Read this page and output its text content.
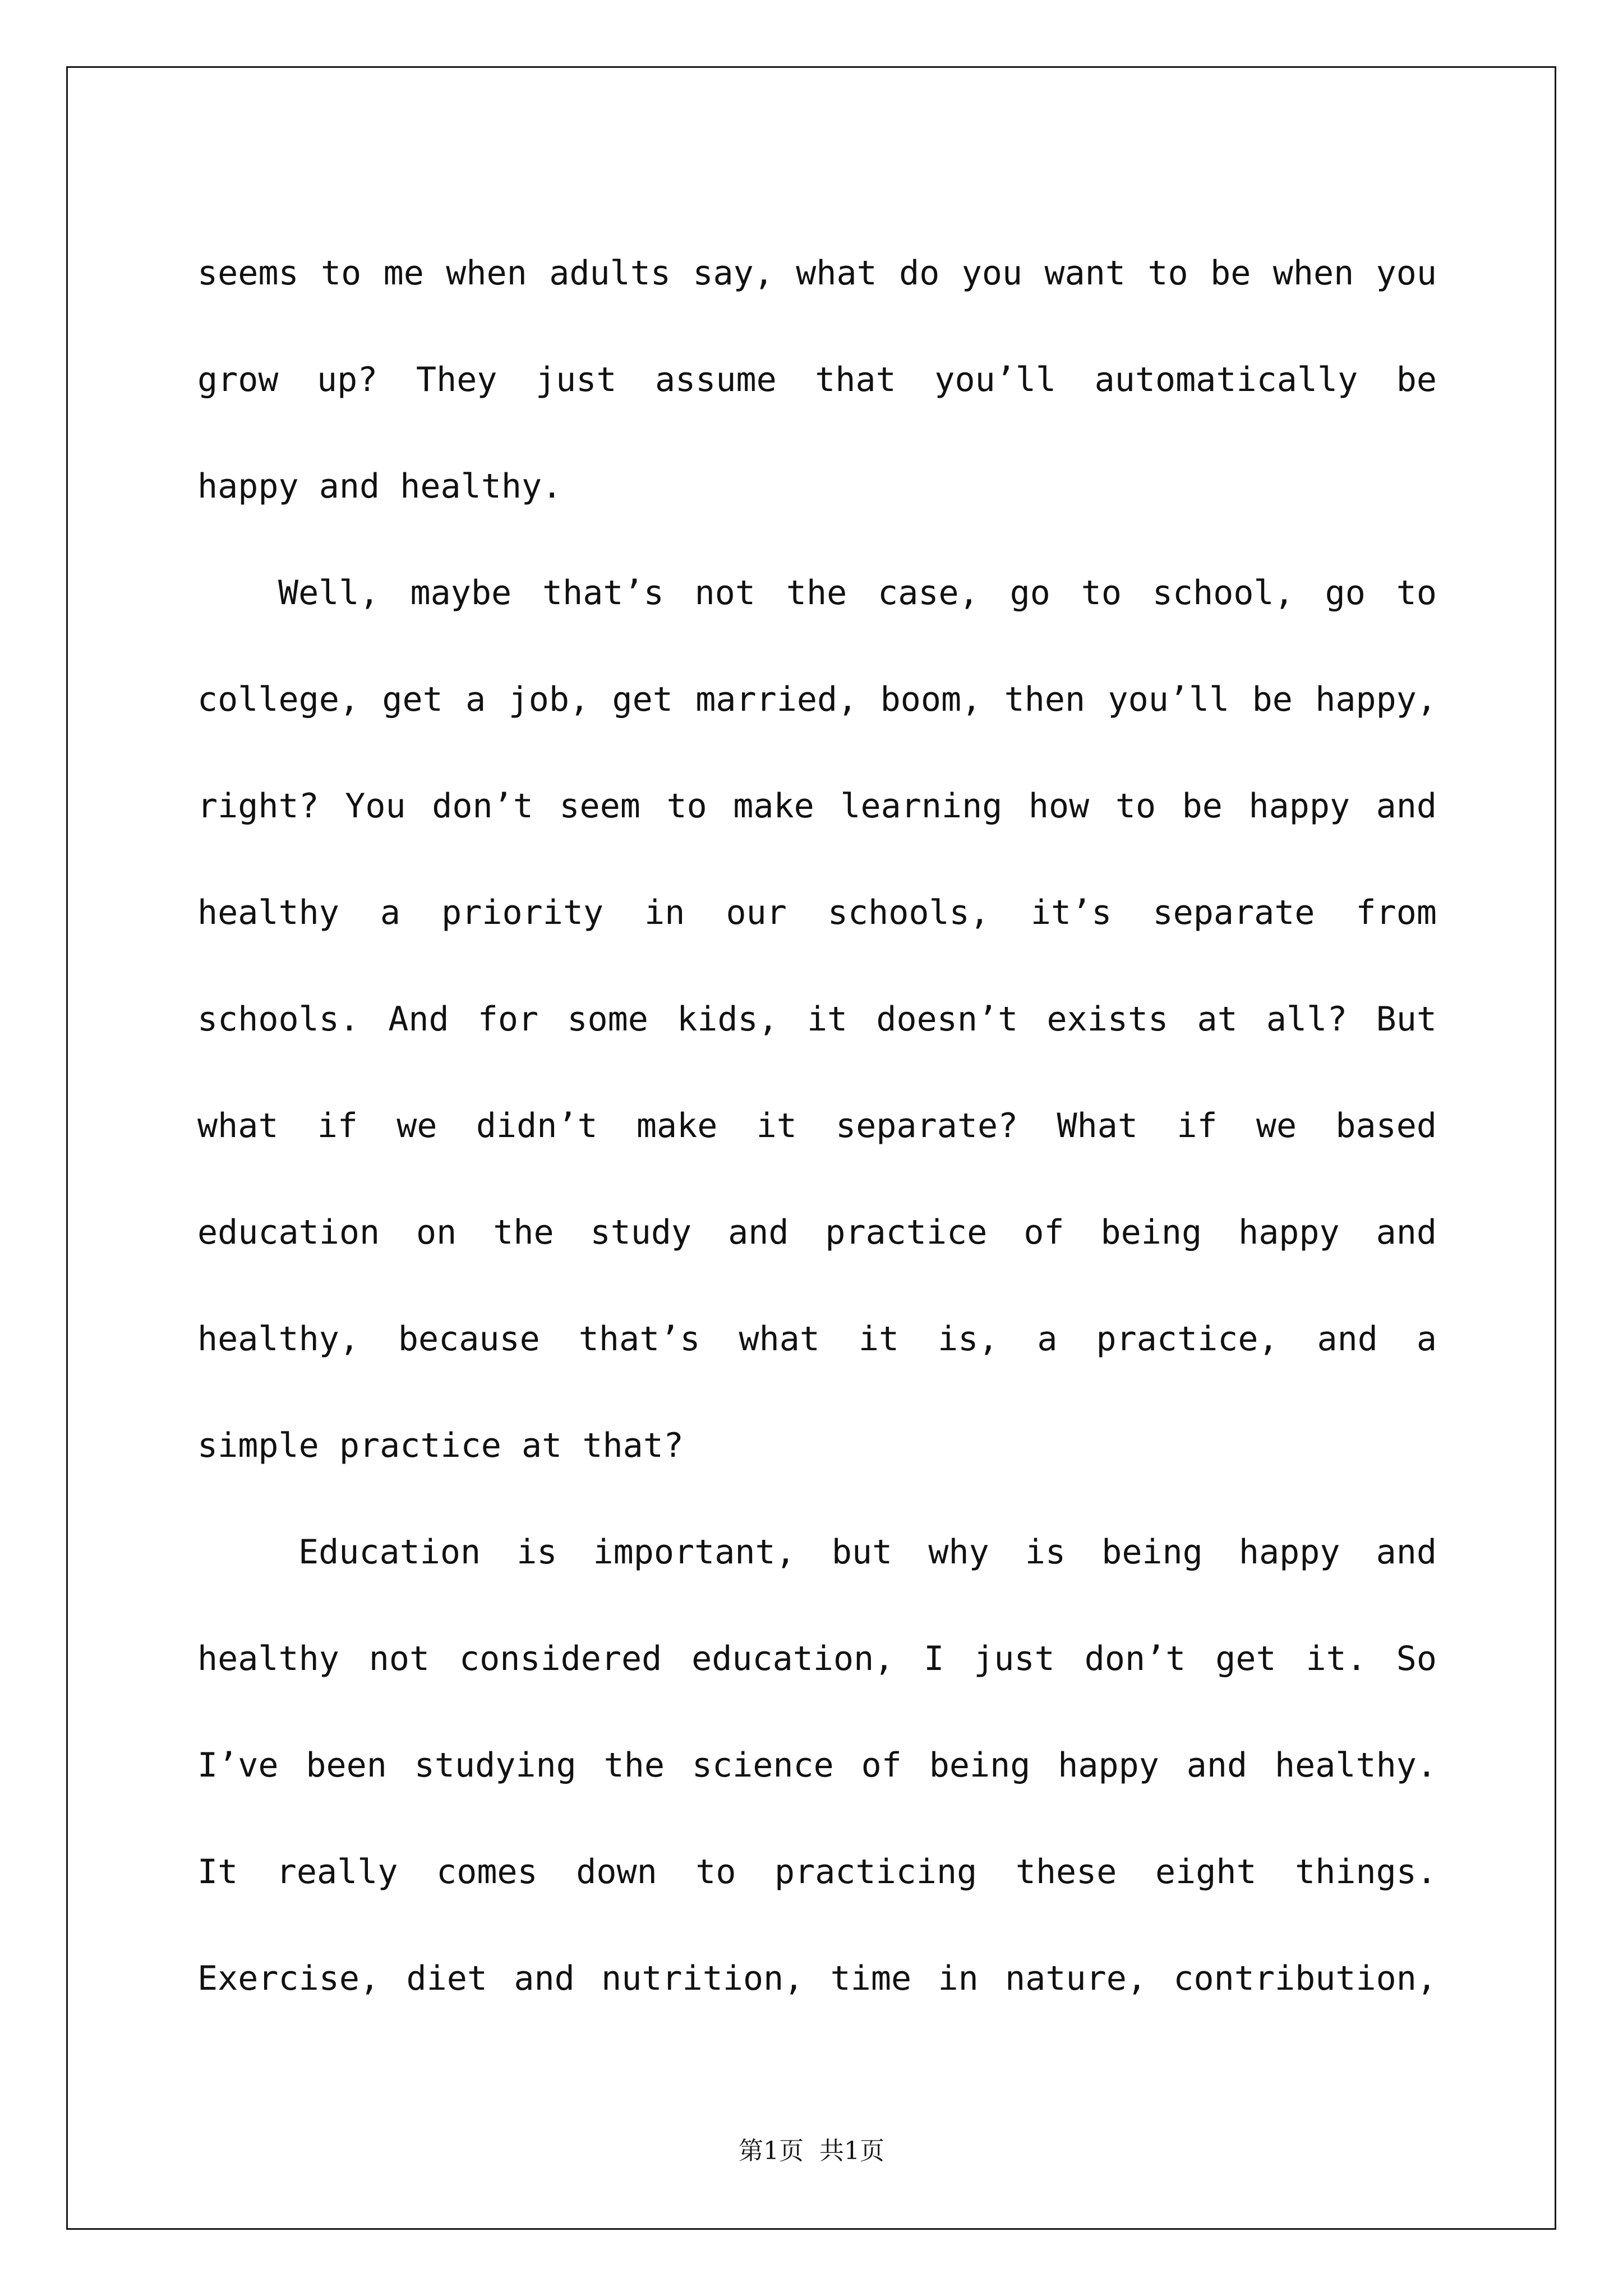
seems to me when adults say, what do you want to be when you
grow up? They just assume that you’ll automatically be
happy and healthy.
Well, maybe that’s not the case, go to school, go to
college, get a job, get married, boom, then you’ll be happy,
right? You don’t seem to make learning how to be happy and
healthy a priority in our schools, it’s separate from
schools. And for some kids, it doesn’t exists at all? But
what if we didn’t make it separate? What if we based
education on the study and practice of being happy and
healthy, because that’s what it is, a practice, and a
simple practice at that?
Education is important, but why is being happy and
healthy not considered education, I just don’t get it. So
I’ve been studying the science of being happy and healthy.
It really comes down to practicing these eight things.
Exercise, diet and nutrition, time in nature, contribution,
第1页  共1页
